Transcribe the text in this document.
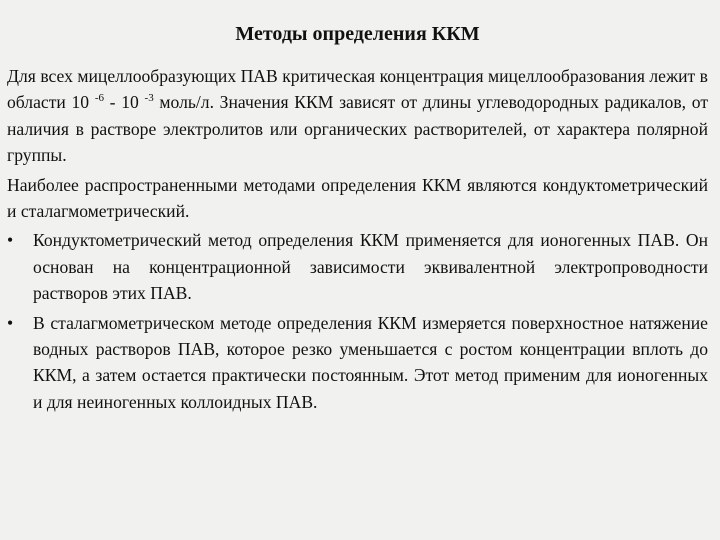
Методы определения ККМ

Для всех мицеллообразующих ПАВ критическая концентрация мицеллообразования лежит в области 10 $^{-6}$ - 10 $^{-3}$ моль/л. Значения ККМ зависят от длины углеводородных радикалов, от наличия в растворе электролитов или органических растворителей, от характера полярной группы.

Наиболее распространенными методами определения ККМ являются кондуктометрический и сталагмометрический.

•	Кондуктометрический метод определения ККМ применяется для ионогенных ПАВ. Он основан на концентрационной зависимости эквивалентной электропроводности растворов этих ПАВ.
•	В сталагмометрическом методе определения ККМ измеряется поверхностное натяжение водных растворов ПАВ, которое резко уменьшается с ростом концентрации вплоть до ККМ, а затем остается практически постоянным. Этот метод применим для ионогенных и для неиногенных коллоидных ПАВ.
